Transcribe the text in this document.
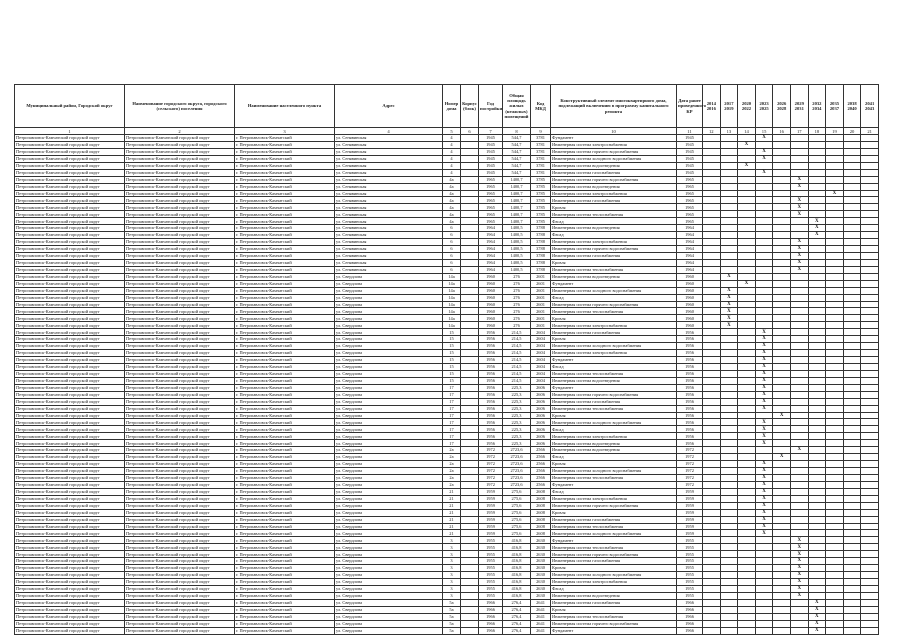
Муниципальный район, Городской округ	Наименование городского округа, городского (сельского) поселения	Наименование населенного пункта	Адрес	Номер дома	Корпус (блок)	Год постройки	Общая площадь жилых (нежилых) помещений	Код МКД	Конструктивный элемент многоквартирного дома, подлежащий включению в программу капитального ремонта	Дата ранее проведенного КР	2014 2016	2017 2019	2020 2022	2023 2025	2026 2028	2029 2031	2032 2034	2035 2037	2038 2040	2041 2043
1	2	3	4	5	6	7	8	9	10	11	12	13	14	15	16	17	18	19	20	21
Петропавловск-Камчатский городской округ	Петропавловск-Камчатский городской округ	г. Петропавловск-Камчатский	ул. Сенявинская	4		1945	544,7	3781	Фундамент	1945				X						
Петропавловск-Камчатский городской округ	Петропавловск-Камчатский городской округ	г. Петропавловск-Камчатский	ул. Сенявинская	4		1945	544,7	3781	Инженерная система электроснабжения	1945			X							
Петропавловск-Камчатский городской округ	Петропавловск-Камчатский городской округ	г. Петропавловск-Камчатский	ул. Сенявинская	4		1945	544,7	3781	Инженерная система горячего водоснабжения	1945				X						
Петропавловск-Камчатский городской округ	Петропавловск-Камчатский городской округ	г. Петропавловск-Камчатский	ул. Сенявинская	4		1945	544,7	3781	Инженерная система холодного водоснабжения	1945				X						
Петропавловск-Камчатский городской округ	Петропавловск-Камчатский городской округ	г. Петропавловск-Камчатский	ул. Сенявинская	4		1945	544,7	3781	Инженерная система водоотведения	1945			X							
Петропавловск-Камчатский городской округ	Петропавловск-Камчатский городской округ	г. Петропавловск-Камчатский	ул. Сенявинская	4		1945	544,7	3781	Инженерная система газоснабжения	1945				X						
Петропавловск-Камчатский городской округ	Петропавловск-Камчатский городской округ	г. Петропавловск-Камчатский	ул. Сенявинская	4а		1965	1400,7	3785	Инженерная система горячего водоснабжения	1965						X				
Петропавловск-Камчатский городской округ	Петропавловск-Камчатский городской округ	г. Петропавловск-Камчатский	ул. Сенявинская	4а		1965	1400,7	3785	Инженерная система водоотведения	1965						X				
Петропавловск-Камчатский городской округ	Петропавловск-Камчатский городской округ	г. Петропавловск-Камчатский	ул. Сенявинская	4а		1965	1400,7	3785	Инженерная система электроснабжения	1965								X		
Петропавловск-Камчатский городской округ	Петропавловск-Камчатский городской округ	г. Петропавловск-Камчатский	ул. Сенявинская	4а		1965	1400,7	3785	Инженерная система газоснабжения	1965						X				
Петропавловск-Камчатский городской округ	Петропавловск-Камчатский городской округ	г. Петропавловск-Камчатский	ул. Сенявинская	4а		1965	1400,7	3785	Кровля	1965						X				
Петропавловск-Камчатский городской округ	Петропавловск-Камчатский городской округ	г. Петропавловск-Камчатский	ул. Сенявинская	4а		1965	1400,7	3785	Инженерная система теплоснабжения	1965						X				
Петропавловск-Камчатский городской округ	Петропавловск-Камчатский городской округ	г. Петропавловск-Камчатский	ул. Сенявинская	4а		1965	1400,7	3785	Фасад	1965							X			
Петропавловск-Камчатский городской округ	Петропавловск-Камчатский городской округ	г. Петропавловск-Камчатский	ул. Сенявинская	6		1964	1400,5	3788	Инженерная система водоотведения	1964							X			
Петропавловск-Камчатский городской округ	Петропавловск-Камчатский городской округ	г. Петропавловск-Камчатский	ул. Сенявинская	6		1964	1400,5	3788	Фасад	1964							X			
Петропавловск-Камчатский городской округ	Петропавловск-Камчатский городской округ	г. Петропавловск-Камчатский	ул. Сенявинская	6		1964	1400,5	3788	Инженерная система электроснабжения	1964						X				
Петропавловск-Камчатский городской округ	Петропавловск-Камчатский городской округ	г. Петропавловск-Камчатский	ул. Сенявинская	6		1964	1400,5	3788	Инженерная система горячего водоснабжения	1964						X				
Петропавловск-Камчатский городской округ	Петропавловск-Камчатский городской округ	г. Петропавловск-Камчатский	ул. Сенявинская	6		1964	1400,5	3788	Инженерная система газоснабжения	1964						X				
Петропавловск-Камчатский городской округ	Петропавловск-Камчатский городской округ	г. Петропавловск-Камчатский	ул. Сенявинская	6		1964	1400,5	3788	Кровля	1964						X				
Петропавловск-Камчатский городской округ	Петропавловск-Камчатский городской округ	г. Петропавловск-Камчатский	ул. Сенявинская	6		1964	1400,5	3788	Инженерная система теплоснабжения	1964						X				
Петропавловск-Камчатский городской округ	Петропавловск-Камчатский городской округ	г. Петропавловск-Камчатский	ул. Свердлова	14а		1960	276	2601	Инженерная система водоотведения	1960		X								
Петропавловск-Камчатский городской округ	Петропавловск-Камчатский городской округ	г. Петропавловск-Камчатский	ул. Свердлова	14а		1960	276	2601	Фундамент	1960			X							
Петропавловск-Камчатский городской округ	Петропавловск-Камчатский городской округ	г. Петропавловск-Камчатский	ул. Свердлова	14а		1960	276	2601	Инженерная система холодного водоснабжения	1960		X								
Петропавловск-Камчатский городской округ	Петропавловск-Камчатский городской округ	г. Петропавловск-Камчатский	ул. Свердлова	14а		1960	276	2601	Фасад	1960		X								
Петропавловск-Камчатский городской округ	Петропавловск-Камчатский городской округ	г. Петропавловск-Камчатский	ул. Свердлова	14а		1960	276	2601	Инженерная система горячего водоснабжения	1960		X								
Петропавловск-Камчатский городской округ	Петропавловск-Камчатский городской округ	г. Петропавловск-Камчатский	ул. Свердлова	14а		1960	276	2601	Инженерная система теплоснабжения	1960		X								
Петропавловск-Камчатский городской округ	Петропавловск-Камчатский городской округ	г. Петропавловск-Камчатский	ул. Свердлова	14а		1960	276	2601	Кровля	1960		X								
Петропавловск-Камчатский городской округ	Петропавловск-Камчатский городской округ	г. Петропавловск-Камчатский	ул. Свердлова	14а		1960	276	2601	Инженерная система электроснабжения	1960		X								
Петропавловск-Камчатский городской округ	Петропавловск-Камчатский городской округ	г. Петропавловск-Камчатский	ул. Свердлова	15		1956	214,5	2604	Инженерная система газоснабжения	1956				X						
Петропавловск-Камчатский городской округ	Петропавловск-Камчатский городской округ	г. Петропавловск-Камчатский	ул. Свердлова	15		1956	214,5	2604	Кровля	1956				X						
Петропавловск-Камчатский городской округ	Петропавловск-Камчатский городской округ	г. Петропавловск-Камчатский	ул. Свердлова	15		1956	214,5	2604	Инженерная система холодного водоснабжения	1956				X						
Петропавловск-Камчатский городской округ	Петропавловск-Камчатский городской округ	г. Петропавловск-Камчатский	ул. Свердлова	15		1956	214,5	2604	Инженерная система электроснабжения	1956				X						
Петропавловск-Камчатский городской округ	Петропавловск-Камчатский городской округ	г. Петропавловск-Камчатский	ул. Свердлова	15		1956	214,5	2604	Фундамент	1956				X						
Петропавловск-Камчатский городской округ	Петропавловск-Камчатский городской округ	г. Петропавловск-Камчатский	ул. Свердлова	15		1956	214,5	2604	Фасад	1956				X						
Петропавловск-Камчатский городской округ	Петропавловск-Камчатский городской округ	г. Петропавловск-Камчатский	ул. Свердлова	15		1956	214,5	2604	Инженерная система теплоснабжения	1956				X						
Петропавловск-Камчатский городской округ	Петропавловск-Камчатский городской округ	г. Петропавловск-Камчатский	ул. Свердлова	15		1956	214,5	2604	Инженерная система водоотведения	1956				X						
Петропавловск-Камчатский городской округ	Петропавловск-Камчатский городской округ	г. Петропавловск-Камчатский	ул. Свердлова	17		1956	225,3	2606	Фундамент	1956				X						
Петропавловск-Камчатский городской округ	Петропавловск-Камчатский городской округ	г. Петропавловск-Камчатский	ул. Свердлова	17		1956	225,3	2606	Инженерная система горячего водоснабжения	1956				X						
Петропавловск-Камчатский городской округ	Петропавловск-Камчатский городской округ	г. Петропавловск-Камчатский	ул. Свердлова	17		1956	225,3	2606	Инженерная система газоснабжения	1956				X						
Петропавловск-Камчатский городской округ	Петропавловск-Камчатский городской округ	г. Петропавловск-Камчатский	ул. Свердлова	17		1956	225,3	2606	Инженерная система теплоснабжения	1956				X						
Петропавловск-Камчатский городской округ	Петропавловск-Камчатский городской округ	г. Петропавловск-Камчатский	ул. Свердлова	17		1956	225,3	2606	Кровля	1956					X					
Петропавловск-Камчатский городской округ	Петропавловск-Камчатский городской округ	г. Петропавловск-Камчатский	ул. Свердлова	17		1956	225,3	2606	Инженерная система холодного водоснабжения	1956				X						
Петропавловск-Камчатский городской округ	Петропавловск-Камчатский городской округ	г. Петропавловск-Камчатский	ул. Свердлова	17		1956	225,3	2606	Фасад	1956				X						
Петропавловск-Камчатский городской округ	Петропавловск-Камчатский городской округ	г. Петропавловск-Камчатский	ул. Свердлова	17		1956	225,3	2606	Инженерная система электроснабжения	1956				X						
Петропавловск-Камчатский городской округ	Петропавловск-Камчатский городской округ	г. Петропавловск-Камчатский	ул. Свердлова	17		1956	225,3	2606	Инженерная система водоотведения	1956				X						
Петропавловск-Камчатский городской округ	Петропавловск-Камчатский городской округ	г. Петропавловск-Камчатский	ул. Свердлова	2а		1972	2723,6	2566	Инженерная система водоотведения	1972						X				
Петропавловск-Камчатский городской округ	Петропавловск-Камчатский городской округ	г. Петропавловск-Камчатский	ул. Свердлова	2а		1972	2723,6	2566	Фасад	1972					X					
Петропавловск-Камчатский городской округ	Петропавловск-Камчатский городской округ	г. Петропавловск-Камчатский	ул. Свердлова	2а		1972	2723,6	2566	Кровля	1972				X						
Петропавловск-Камчатский городской округ	Петропавловск-Камчатский городской округ	г. Петропавловск-Камчатский	ул. Свердлова	2а		1972	2723,6	2566	Инженерная система холодного водоснабжения	1972				X						
Петропавловск-Камчатский городской округ	Петропавловск-Камчатский городской округ	г. Петропавловск-Камчатский	ул. Свердлова	2а		1972	2723,6	2566	Инженерная система теплоснабжения	1972				X						
Петропавловск-Камчатский городской округ	Петропавловск-Камчатский городской округ	г. Петропавловск-Камчатский	ул. Свердлова	2а		1972	2723,6	2566	Фундамент	1972				X						
Петропавловск-Камчатский городской округ	Петропавловск-Камчатский городской округ	г. Петропавловск-Камчатский	ул. Свердлова	21		1959	275,6	2608	Фасад	1959				X						
Петропавловск-Камчатский городской округ	Петропавловск-Камчатский городской округ	г. Петропавловск-Камчатский	ул. Свердлова	21		1959	275,6	2608	Инженерная система электроснабжения	1959				X						
Петропавловск-Камчатский городской округ	Петропавловск-Камчатский городской округ	г. Петропавловск-Камчатский	ул. Свердлова	21		1959	275,6	2608	Инженерная система горячего водоснабжения	1959				X						
Петропавловск-Камчатский городской округ	Петропавловск-Камчатский городской округ	г. Петропавловск-Камчатский	ул. Свердлова	21		1959	275,6	2608	Кровля	1959				X						
Петропавловск-Камчатский городской округ	Петропавловск-Камчатский городской округ	г. Петропавловск-Камчатский	ул. Свердлова	21		1959	275,6	2608	Инженерная система газоснабжения	1959				X						
Петропавловск-Камчатский городской округ	Петропавловск-Камчатский городской округ	г. Петропавловск-Камчатский	ул. Свердлова	21		1959	275,6	2608	Инженерная система теплоснабжения	1959				X						
Петропавловск-Камчатский городской округ	Петропавловск-Камчатский городской округ	г. Петропавловск-Камчатский	ул. Свердлова	21		1959	275,6	2608	Инженерная система холодного водоснабжения	1959				X						
Петропавловск-Камчатский городской округ	Петропавловск-Камчатский городской округ	г. Петропавловск-Камчатский	ул. Свердлова	3		1955	416,8	2630	Фундамент	1955						X				
Петропавловск-Камчатский городской округ	Петропавловск-Камчатский городской округ	г. Петропавловск-Камчатский	ул. Свердлова	3		1955	416,8	2630	Инженерная система теплоснабжения	1955						X				
Петропавловск-Камчатский городской округ	Петропавловск-Камчатский городской округ	г. Петропавловск-Камчатский	ул. Свердлова	3		1955	416,8	2630	Инженерная система горячего водоснабжения	1955						X				
Петропавловск-Камчатский городской округ	Петропавловск-Камчатский городской округ	г. Петропавловск-Камчатский	ул. Свердлова	3		1955	416,8	2630	Инженерная система газоснабжения	1955						X				
Петропавловск-Камчатский городской округ	Петропавловск-Камчатский городской округ	г. Петропавловск-Камчатский	ул. Свердлова	3		1955	416,8	2630	Кровля	1955						X				
Петропавловск-Камчатский городской округ	Петропавловск-Камчатский городской округ	г. Петропавловск-Камчатский	ул. Свердлова	3		1955	416,8	2630	Инженерная система холодного водоснабжения	1955						X				
Петропавловск-Камчатский городской округ	Петропавловск-Камчатский городской округ	г. Петропавловск-Камчатский	ул. Свердлова	3		1955	416,8	2630	Инженерная система электроснабжения	1955						X				
Петропавловск-Камчатский городской округ	Петропавловск-Камчатский городской округ	г. Петропавловск-Камчатский	ул. Свердлова	3		1955	416,8	2630	Фасад	1955						X				
Петропавловск-Камчатский городской округ	Петропавловск-Камчатский городской округ	г. Петропавловск-Камчатский	ул. Свердлова	3		1955	416,8	2630	Инженерная система водоотведения	1955						X				
Петропавловск-Камчатский городской округ	Петропавловск-Камчатский городской округ	г. Петропавловск-Камчатский	ул. Свердлова	5а		1966	276,4	2641	Инженерная система газоснабжения	1966							X			
Петропавловск-Камчатский городской округ	Петропавловск-Камчатский городской округ	г. Петропавловск-Камчатский	ул. Свердлова	5а		1966	276,4	2641	Кровля	1966							X			
Петропавловск-Камчатский городской округ	Петропавловск-Камчатский городской округ	г. Петропавловск-Камчатский	ул. Свердлова	5а		1966	276,4	2641	Инженерная система теплоснабжения	1966							X			
Петропавловск-Камчатский городской округ	Петропавловск-Камчатский городской округ	г. Петропавловск-Камчатский	ул. Свердлова	5а		1966	276,4	2641	Инженерная система горячего водоснабжения	1966							X			
Петропавловск-Камчатский городской округ	Петропавловск-Камчатский городской округ	г. Петропавловск-Камчатский	ул. Свердлова	5а		1966	276,4	2641	Фундамент	1966							X			
